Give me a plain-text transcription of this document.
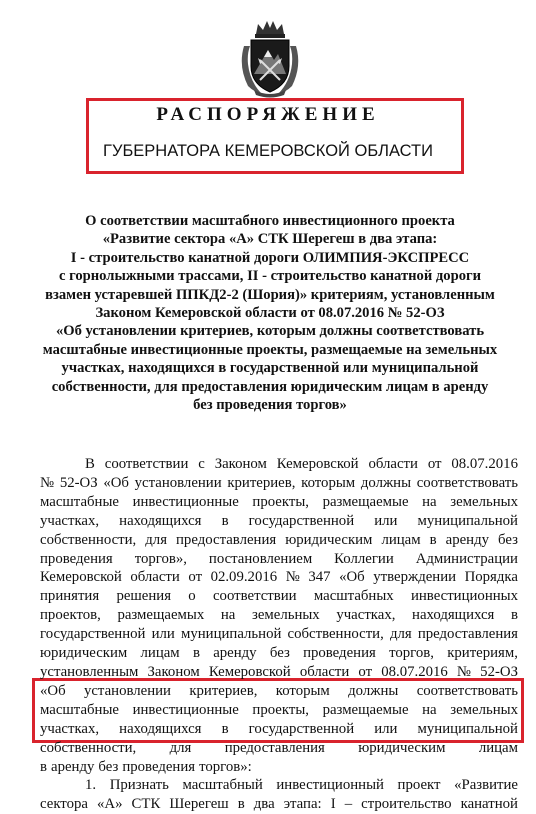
РАСПОРЯЖЕНИЕ
ГУБЕРНАТОРА КЕМЕРОВСКОЙ ОБЛАСТИ
О соответствии масштабного инвестиционного проекта
«Развитие сектора «А» СТК Шерегеш в два этапа:
I - строительство канатной дороги ОЛИМПИЯ-ЭКСПРЕСС
с горнолыжными трассами, II - строительство канатной дороги
взамен устаревшей ППКД2-2 (Шория)» критериям, установленным
Законом Кемеровской области от 08.07.2016 № 52-ОЗ
«Об установлении критериев, которым должны соответствовать
масштабные инвестиционные проекты, размещаемые на земельных
участках, находящихся в государственной или муниципальной
собственности, для предоставления юридическим лицам в аренду
без проведения торгов»
В соответствии с Законом Кемеровской области от 08.07.2016
№ 52-ОЗ «Об установлении критериев, которым должны соответствовать
масштабные инвестиционные проекты, размещаемые на земельных
участках, находящихся в государственной или муниципальной
собственности, для предоставления юридическим лицам в аренду без
проведения торгов», постановлением Коллегии Администрации
Кемеровской области от 02.09.2016 № 347 «Об утверждении Порядка
принятия решения о соответствии масштабных инвестиционных
проектов, размещаемых на земельных участках, находящихся в
государственной или муниципальной собственности, для предоставления
юридическим лицам в аренду без проведения торгов, критериям,
установленным Законом Кемеровской области от 08.07.2016 № 52-ОЗ
«Об установлении критериев, которым должны соответствовать
масштабные инвестиционные проекты, размещаемые на земельных
участках, находящихся в государственной или муниципальной
собственности, для предоставления юридическим лицам
в аренду без проведения торгов»:
1. Признать масштабный инвестиционный проект «Развитие
сектора «А» СТК Шерегеш в два этапа: I – строительство канатной
